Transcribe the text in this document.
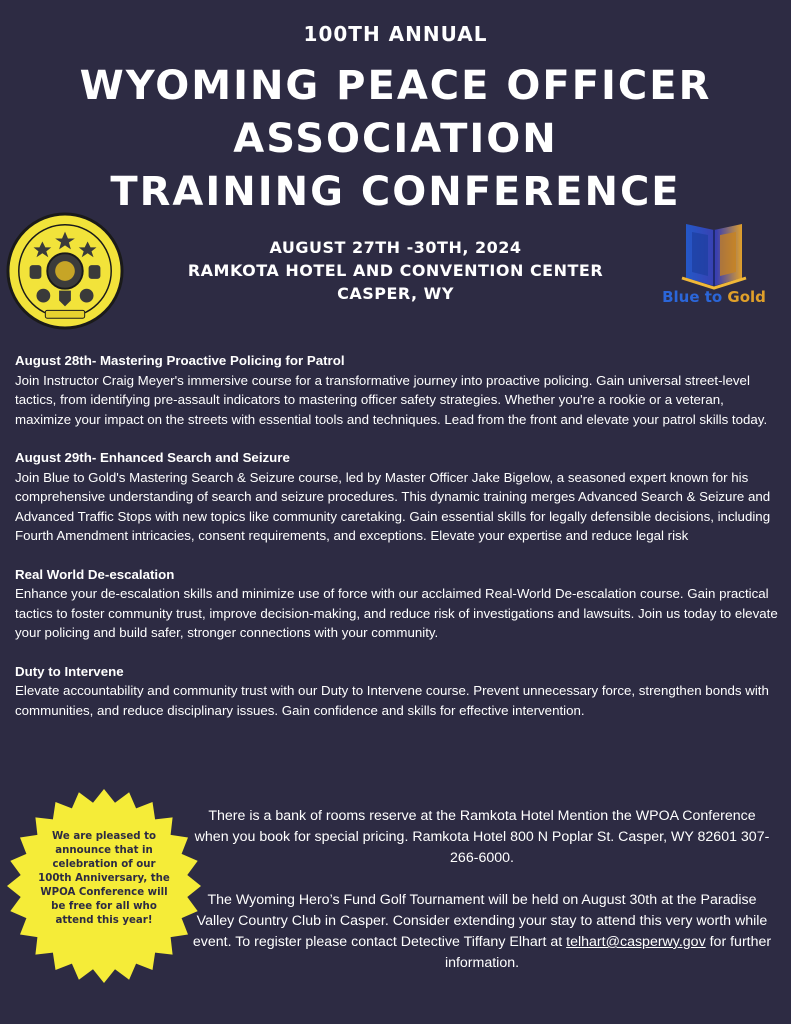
100TH ANNUAL
WYOMING PEACE OFFICER
ASSOCIATION
TRAINING CONFERENCE
Blue to Gold
AUGUST 27TH -30TH, 2024
RAMKOTA HOTEL AND CONVENTION CENTER
CASPER, WY
August 28th- Mastering Proactive Policing for Patrol
Join Instructor Craig Meyer's immersive course for a transformative journey into proactive policing. Gain universal street-level tactics, from identifying pre-assault indicators to mastering officer safety strategies. Whether you're a rookie or a veteran, maximize your impact on the streets with essential tools and techniques. Lead from the front and elevate your patrol skills today.
August 29th- Enhanced Search and Seizure
Join Blue to Gold's Mastering Search & Seizure course, led by Master Officer Jake Bigelow, a seasoned expert known for his comprehensive understanding of search and seizure procedures. This dynamic training merges Advanced Search & Seizure and Advanced Traffic Stops with new topics like community caretaking. Gain essential skills for legally defensible decisions, including Fourth Amendment intricacies, consent requirements, and exceptions. Elevate your expertise and reduce legal risk
Real World De-escalation
Enhance your de-escalation skills and minimize use of force with our acclaimed Real-World De-escalation course. Gain practical tactics to foster community trust, improve decision-making, and reduce risk of investigations and lawsuits. Join us today to elevate your policing and build safer, stronger connections with your community.
Duty to Intervene
Elevate accountability and community trust with our Duty to Intervene course. Prevent unnecessary force, strengthen bonds with communities, and reduce disciplinary issues. Gain confidence and skills for effective intervention.
We are pleased to announce that in celebration of our 100th Anniversary, the WPOA Conference will be free for all who attend this year!

There is a bank of rooms reserve at the Ramkota Hotel Mention the WPOA Conference when you book for special pricing. Ramkota Hotel 800 N Poplar St. Casper, WY 82601 307-266-6000.

The Wyoming Hero’s Fund Golf Tournament will be held on August 30th at the Paradise Valley Country Club in Casper. Consider extending your stay to attend this very worth while event. To register please contact Detective Tiffany Elhart at telhart@casperwy.gov for further information.
